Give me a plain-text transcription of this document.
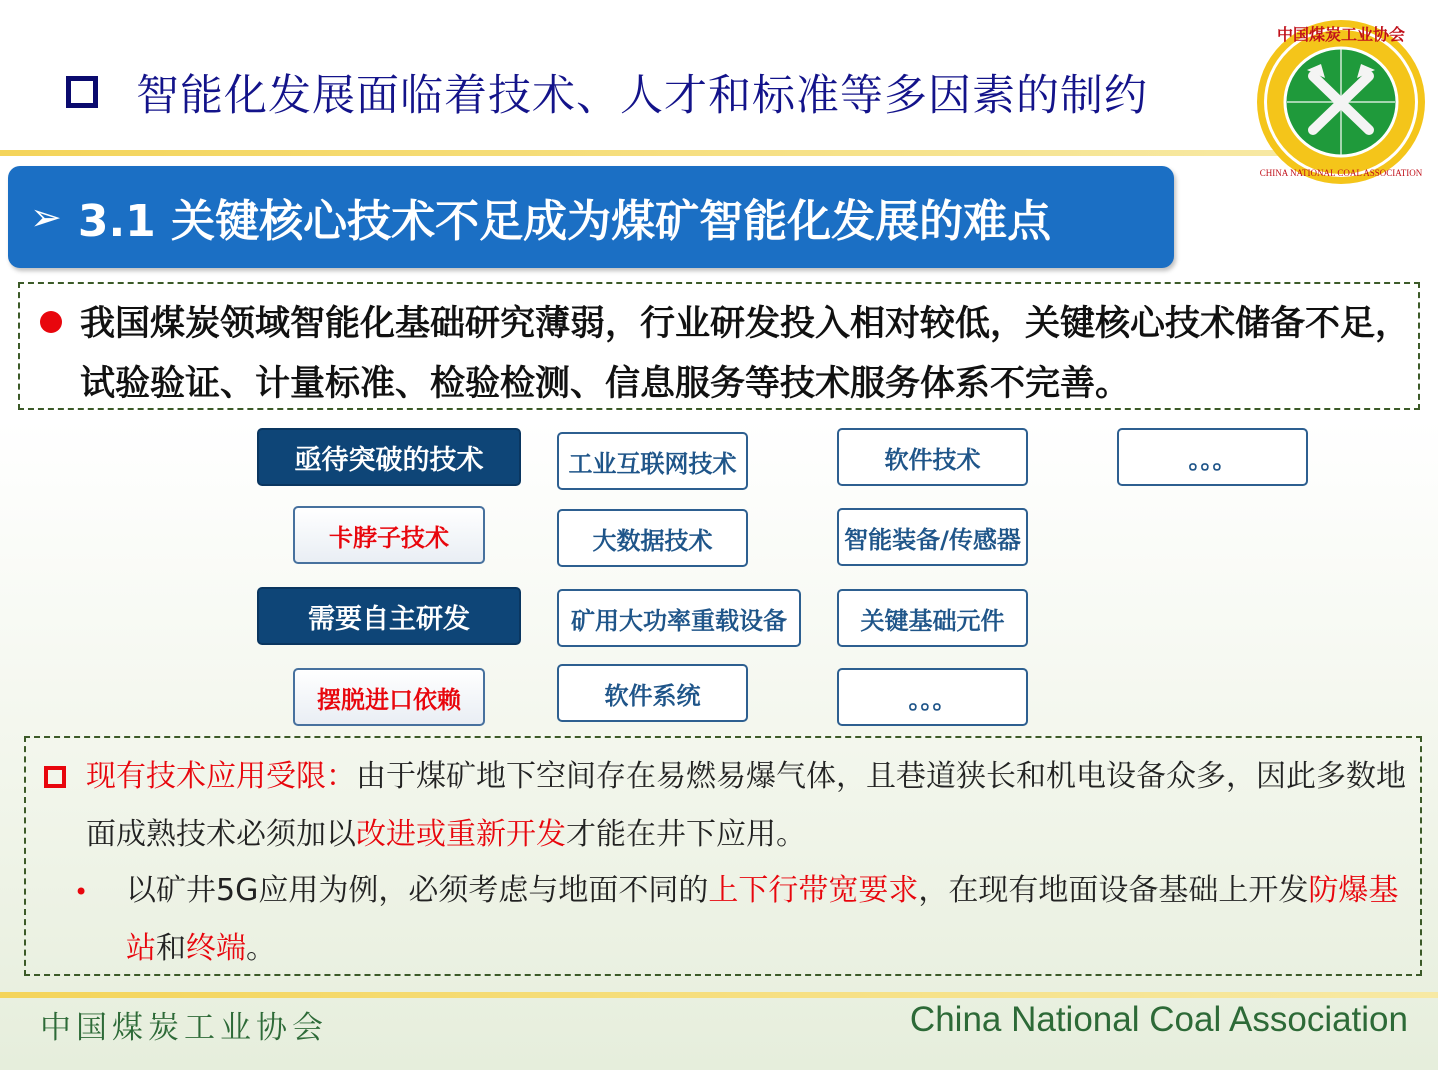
智能化发展面临着技术、人才和标准等多因素的制约
中国煤炭工业协会
CHINA NATIONAL COAL ASSOCIATION
➢ 3.1 关键核心技术不足成为煤矿智能化发展的难点
我国煤炭领域智能化基础研究薄弱，行业研发投入相对较低，关键核心技术储备不足，试验验证、计量标准、检验检测、信息服务等技术服务体系不完善。
亟待突破的技术	工业互联网技术	软件技术	。。。
卡脖子技术	大数据技术	智能装备/传感器
需要自主研发	矿用大功率重载设备	关键基础元件
摆脱进口依赖	软件系统	。。。
现有技术应用受限：由于煤矿地下空间存在易燃易爆气体，且巷道狭长和机电设备众多，因此多数地面成熟技术必须加以改进或重新开发才能在井下应用。
• 以矿井5G应用为例，必须考虑与地面不同的上下行带宽要求，在现有地面设备基础上开发防爆基站和终端。
中国煤炭工业协会	China National Coal Association
